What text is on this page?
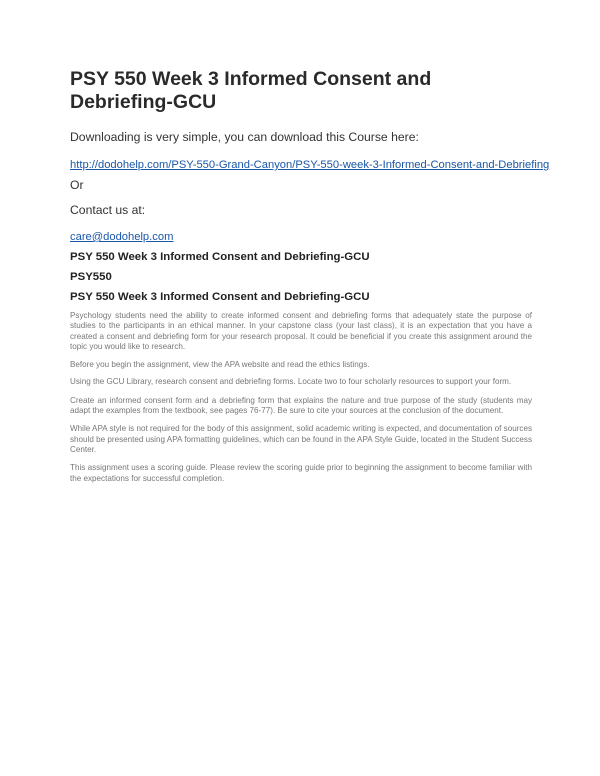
PSY 550 Week 3 Informed Consent and Debriefing-GCU

Downloading is very simple, you can download this Course here:

http://dodohelp.com/PSY-550-Grand-Canyon/PSY-550-week-3-Informed-Consent-and-Debriefing

Or

Contact us at:

care@dodohelp.com

PSY 550 Week 3 Informed Consent and Debriefing-GCU

PSY550

PSY 550 Week 3 Informed Consent and Debriefing-GCU

Psychology students need the ability to create informed consent and debriefing forms that adequately state the purpose of studies to the participants in an ethical manner. In your capstone class (your last class), it is an expectation that you have a created a consent and debriefing form for your research proposal. It could be beneficial if you create this assignment around the topic you would like to research.

Before you begin the assignment, view the APA website and read the ethics listings.

Using the GCU Library, research consent and debriefing forms. Locate two to four scholarly resources to support your form.

Create an informed consent form and a debriefing form that explains the nature and true purpose of the study (students may adapt the examples from the textbook, see pages 76-77). Be sure to cite your sources at the conclusion of the document.

While APA style is not required for the body of this assignment, solid academic writing is expected, and documentation of sources should be presented using APA formatting guidelines, which can be found in the APA Style Guide, located in the Student Success Center.

This assignment uses a scoring guide. Please review the scoring guide prior to beginning the assignment to become familiar with the expectations for successful completion.
